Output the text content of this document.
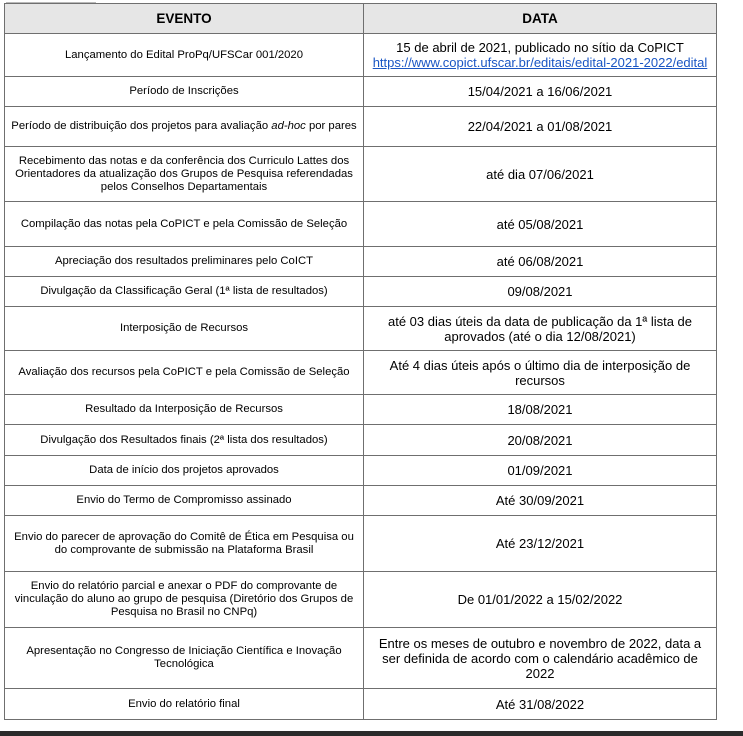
EVENTO	DATA
Lançamento do Edital ProPq/UFSCar 001/2020	15 de abril de 2021, publicado no sítio da CoPICT
https://www.copict.ufscar.br/editais/edital-2021-2022/edital
Período de Inscrições	15/04/2021 a 16/06/2021
Período de distribuição dos projetos para avaliação ad-hoc por pares	22/04/2021 a 01/08/2021
Recebimento das notas e da conferência dos Curriculo Lattes dos Orientadores da atualização dos Grupos de Pesquisa referendadas pelos Conselhos Departamentais	até dia 07/06/2021
Compilação das notas pela CoPICT e pela Comissão de Seleção	até 05/08/2021
Apreciação dos resultados preliminares pelo CoICT	até 06/08/2021
Divulgação da Classificação Geral (1ª lista de resultados)	09/08/2021
Interposição de Recursos	até 03 dias úteis da data de publicação da 1ª lista de aprovados (até o dia 12/08/2021)
Avaliação dos recursos pela CoPICT e pela Comissão de Seleção	Até 4 dias úteis após o último dia de interposição de recursos
Resultado da Interposição de Recursos	18/08/2021
Divulgação dos Resultados finais (2ª lista dos resultados)	20/08/2021
Data de início dos projetos aprovados	01/09/2021
Envio do Termo de Compromisso assinado	Até 30/09/2021
Envio do parecer de aprovação do Comitê de Ética em Pesquisa ou do comprovante de submissão na Plataforma Brasil	Até 23/12/2021
Envio do relatório parcial e anexar o PDF do comprovante de vinculação do aluno ao grupo de pesquisa (Diretório dos Grupos de Pesquisa no Brasil no CNPq)	De 01/01/2022 a 15/02/2022
Apresentação no Congresso de Iniciação Científica e Inovação Tecnológica	Entre os meses de outubro e novembro de 2022, data a ser definida de acordo com o calendário acadêmico de 2022
Envio do relatório final	Até 31/08/2022
